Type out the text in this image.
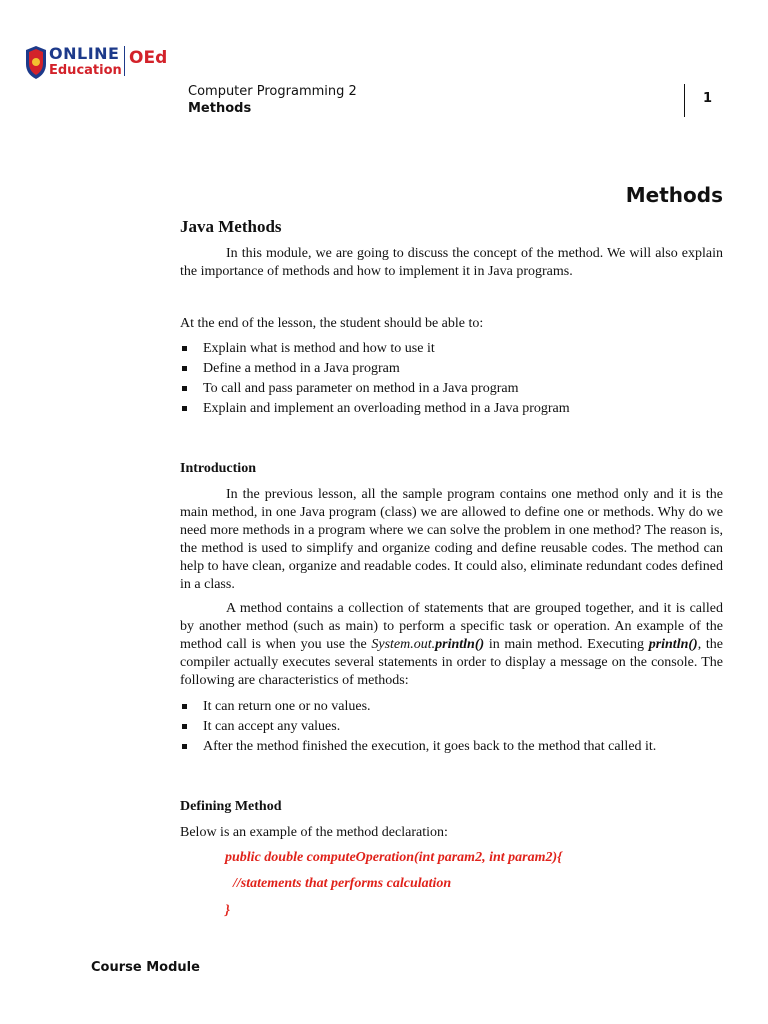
ONLINE
Education
OEd
Computer Programming 2
Methods
1
Methods
Java Methods
In this module, we are going to discuss the concept of the method. We will also explain the importance of methods and how to implement it in Java programs.
At the end of the lesson, the student should be able to:
Explain what is method and how to use it
Define a method in a Java program
To call and pass parameter on method in a Java program
Explain and implement an overloading method in a Java program
Introduction
In the previous lesson, all the sample program contains one method only and it is the main method, in one Java program (class) we are allowed to define one or methods. Why do we need more methods in a program where we can solve the problem in one method? The reason is, the method is used to simplify and organize coding and define reusable codes. The method can help to have clean, organize and readable codes. It could also, eliminate redundant codes defined in a class.
A method contains a collection of statements that are grouped together, and it is called by another method (such as main) to perform a specific task or operation. An example of the method call is when you use the System.out.println() in main method. Executing println(), the compiler actually executes several statements in order to display a message on the console. The following are characteristics of methods:
It can return one or no values.
It can accept any values.
After the method finished the execution, it goes back to the method that called it.
Defining Method
Below is an example of the method declaration:
public double computeOperation(int param2, int param2){
//statements that performs calculation
}
Course Module
